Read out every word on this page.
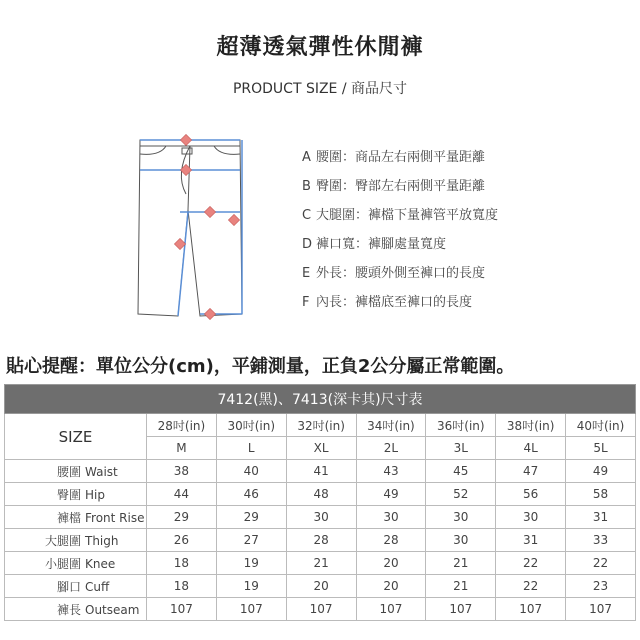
超薄透氣彈性休閒褲
PRODUCT SIZE / 商品尺寸
A 腰圍：商品左右兩側平量距離
B 臀圍：臀部左右兩側平量距離
C 大腿圍：褲檔下量褲管平放寬度
D 褲口寬：褲腳處量寬度
E 外長：腰頭外側至褲口的長度
F 內長：褲檔底至褲口的長度
貼心提醒：單位公分(cm)，平鋪測量，正負2公分屬正常範圍。
7412(黑)、7413(深卡其)尺寸表							
SIZE	28吋(in)	30吋(in)	32吋(in)	34吋(in)	36吋(in)	38吋(in)	40吋(in)
	M	L	XL	2L	3L	4L	5L
腰圍 Waist	38	40	41	43	45	47	49
臀圍 Hip	44	46	48	49	52	56	58
褲檔 Front Rise	29	29	30	30	30	30	31
大腿圍 Thigh	26	27	28	28	30	31	33
小腿圍 Knee	18	19	21	20	21	22	22
腳口 Cuff	18	19	20	20	21	22	23
褲長 Outseam	107	107	107	107	107	107	107
